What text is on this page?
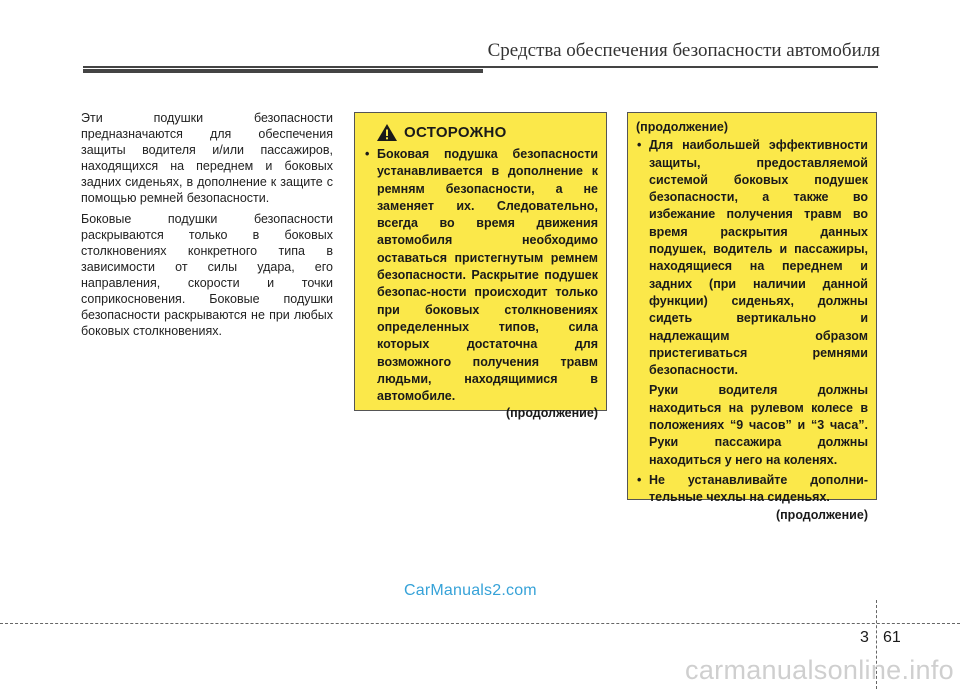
Средства обеспечения безопасности автомобиля

Эти подушки безопасности предназначаются для обеспечения защиты водителя и/или пассажиров, находящихся на переднем и боковых задних сиденьях, в дополнение к защите с помощью ремней безопасности.

Боковые подушки безопасности раскрываются только в боковых столкновениях конкретного типа в зависимости от силы удара, его направления, скорости и точки соприкосновения. Боковые подушки безопасности раскрываются не при любых боковых столкновениях.

ОСТОРОЖНО

• Боковая подушка безопасности устанавливается в дополнение к ремням безопасности, а не заменяет их. Следовательно, всегда во время движения автомобиля необходимо оставаться пристегнутым ремнем безопасности. Раскрытие подушек безопас-ности происходит только при боковых столкновениях определенных типов, сила которых достаточна для возможного получения травм людьми, находящимися в автомобиле.

(продолжение)
(продолжение)

• Для наибольшей эффективности защиты, предоставляемой системой боковых подушек безопасности, а также во избежание получения травм во время раскрытия данных подушек, водитель и пассажиры, находящиеся на переднем и задних (при наличии данной функции) сиденьях, должны сидеть вертикально и надлежащим образом пристегиваться ремнями безопасности.

Руки водителя должны находиться на рулевом колесе в положениях “9 часов” и “3 часа”. Руки пассажира должны находиться у него на коленях.

• Не устанавливайте дополни-тельные чехлы на сиденьях.

(продолжение)
CarManuals2.com
3 61
carmanualsonline.info
